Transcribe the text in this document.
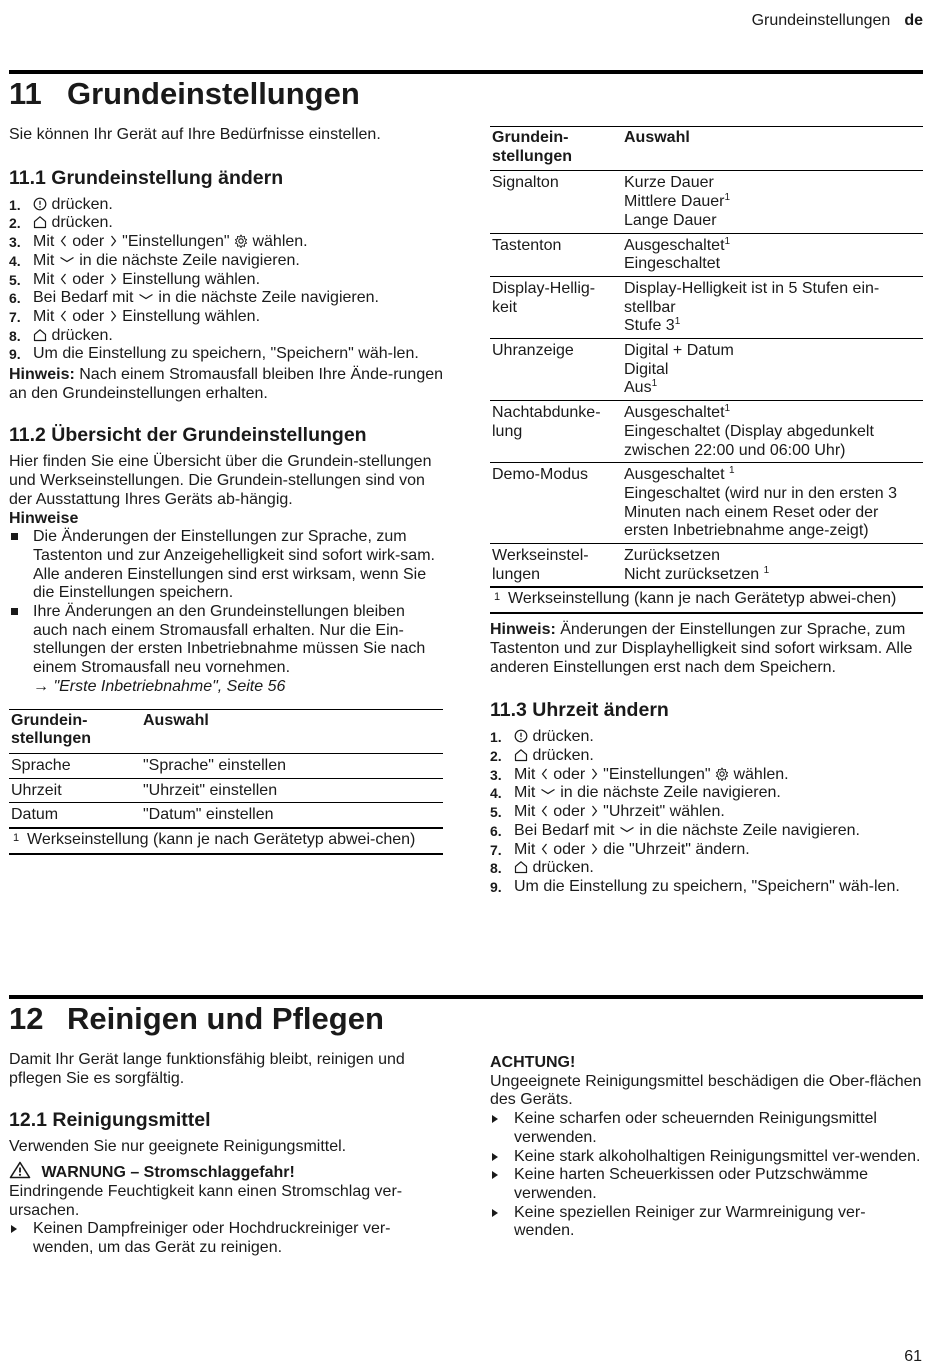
Grundeinstellungen de
11 Grundeinstellungen

Sie können Ihr Gerät auf Ihre Bedürfnisse einstellen.

11.1 Grundeinstellung ändern
1. drücken.
2. drücken.
3. Mit  oder  "Einstellungen"  wählen.
4. Mit  in die nächste Zeile navigieren.
5. Mit  oder  Einstellung wählen.
6. Bei Bedarf mit  in die nächste Zeile navigieren.
7. Mit  oder  Einstellung wählen.
8. drücken.
9. Um die Einstellung zu speichern, "Speichern" wäh-len.

Hinweis: Nach einem Stromausfall bleiben Ihre Ände-rungen an den Grundeinstellungen erhalten.

11.2 Übersicht der Grundeinstellungen

Hier finden Sie eine Übersicht über die Grundein-stellungen und Werkseinstellungen. Die Grundein-stellungen sind von der Ausstattung Ihres Geräts ab-hängig.

Hinweise

Die Änderungen der Einstellungen zur Sprache, zum Tastenton und zur Anzeigehelligkeit sind sofort wirk-sam. Alle anderen Einstellungen sind erst wirksam, wenn Sie die Einstellungen speichern.
Ihre Änderungen an den Grundeinstellungen bleiben auch nach einem Stromausfall erhalten. Nur die Ein-stellungen der ersten Inbetriebnahme müssen Sie nach einem Stromausfall neu vornehmen.
→ "Erste Inbetriebnahme", Seite 56
Grundein-stellungen	Auswahl
Sprache	"Sprache" einstellen
Uhrzeit	"Uhrzeit" einstellen
Datum	"Datum" einstellen
1 Werkseinstellung (kann je nach Gerätetyp abwei-chen)
Grundein-stellungen	Auswahl
Signalton	Kurze Dauer
Mittlere Dauer$^1$
Lange Dauer

Tastenton	Ausgeschaltet$^1$
Eingeschaltet

Display-Hellig-keit	Display-Helligkeit ist in 5 Stufen ein-stellbar
Stufe $3^1$

Uhranzeige	Digital + Datum
Digital
Aus$^1$

Nachtabdunke-lung	Ausgeschaltet$^1$
Eingeschaltet (Display abgedunkelt zwischen 22:00 und 06:00 Uhr)

Demo-Modus	Ausgeschaltet $^1$
Eingeschaltet (wird nur in den ersten 3 Minuten nach einem Reset oder der ersten Inbetriebnahme ange-zeigt)

Werkseinstel-lungen	Zurücksetzen
Nicht zurücksetzen $^1$
1 Werkseinstellung (kann je nach Gerätetyp abwei-chen)

Hinweis: Änderungen der Einstellungen zur Sprache, zum Tastenton und zur Displayhelligkeit sind sofort wirksam. Alle anderen Einstellungen erst nach dem Speichern.

11.3 Uhrzeit ändern
1. drücken.
2. drücken.
3. Mit  oder  "Einstellungen"  wählen.
4. Mit  in die nächste Zeile navigieren.
5. Mit  oder  "Uhrzeit" wählen.
6. Bei Bedarf mit  in die nächste Zeile navigieren.
7. Mit  oder  die "Uhrzeit" ändern.
8. drücken.
9. Um die Einstellung zu speichern, "Speichern" wäh-len.
12 Reinigen und Pflegen

Damit Ihr Gerät lange funktionsfähig bleibt, reinigen und pflegen Sie es sorgfältig.

12.1 Reinigungsmittel

Verwenden Sie nur geeignete Reinigungsmittel.

WARNUNG – Stromschlaggefahr!

Eindringende Feuchtigkeit kann einen Stromschlag ver-ursachen.

Keinen Dampfreiniger oder Hochdruckreiniger ver-wenden, um das Gerät zu reinigen.

ACHTUNG!

Ungeeignete Reinigungsmittel beschädigen die Ober-flächen des Geräts.

Keine scharfen oder scheuernden Reinigungsmittel verwenden.
Keine stark alkoholhaltigen Reinigungsmittel ver-wenden.
Keine harten Scheuerkissen oder Putzschwämme verwenden.
Keine speziellen Reiniger zur Warmreinigung ver-wenden.
61
